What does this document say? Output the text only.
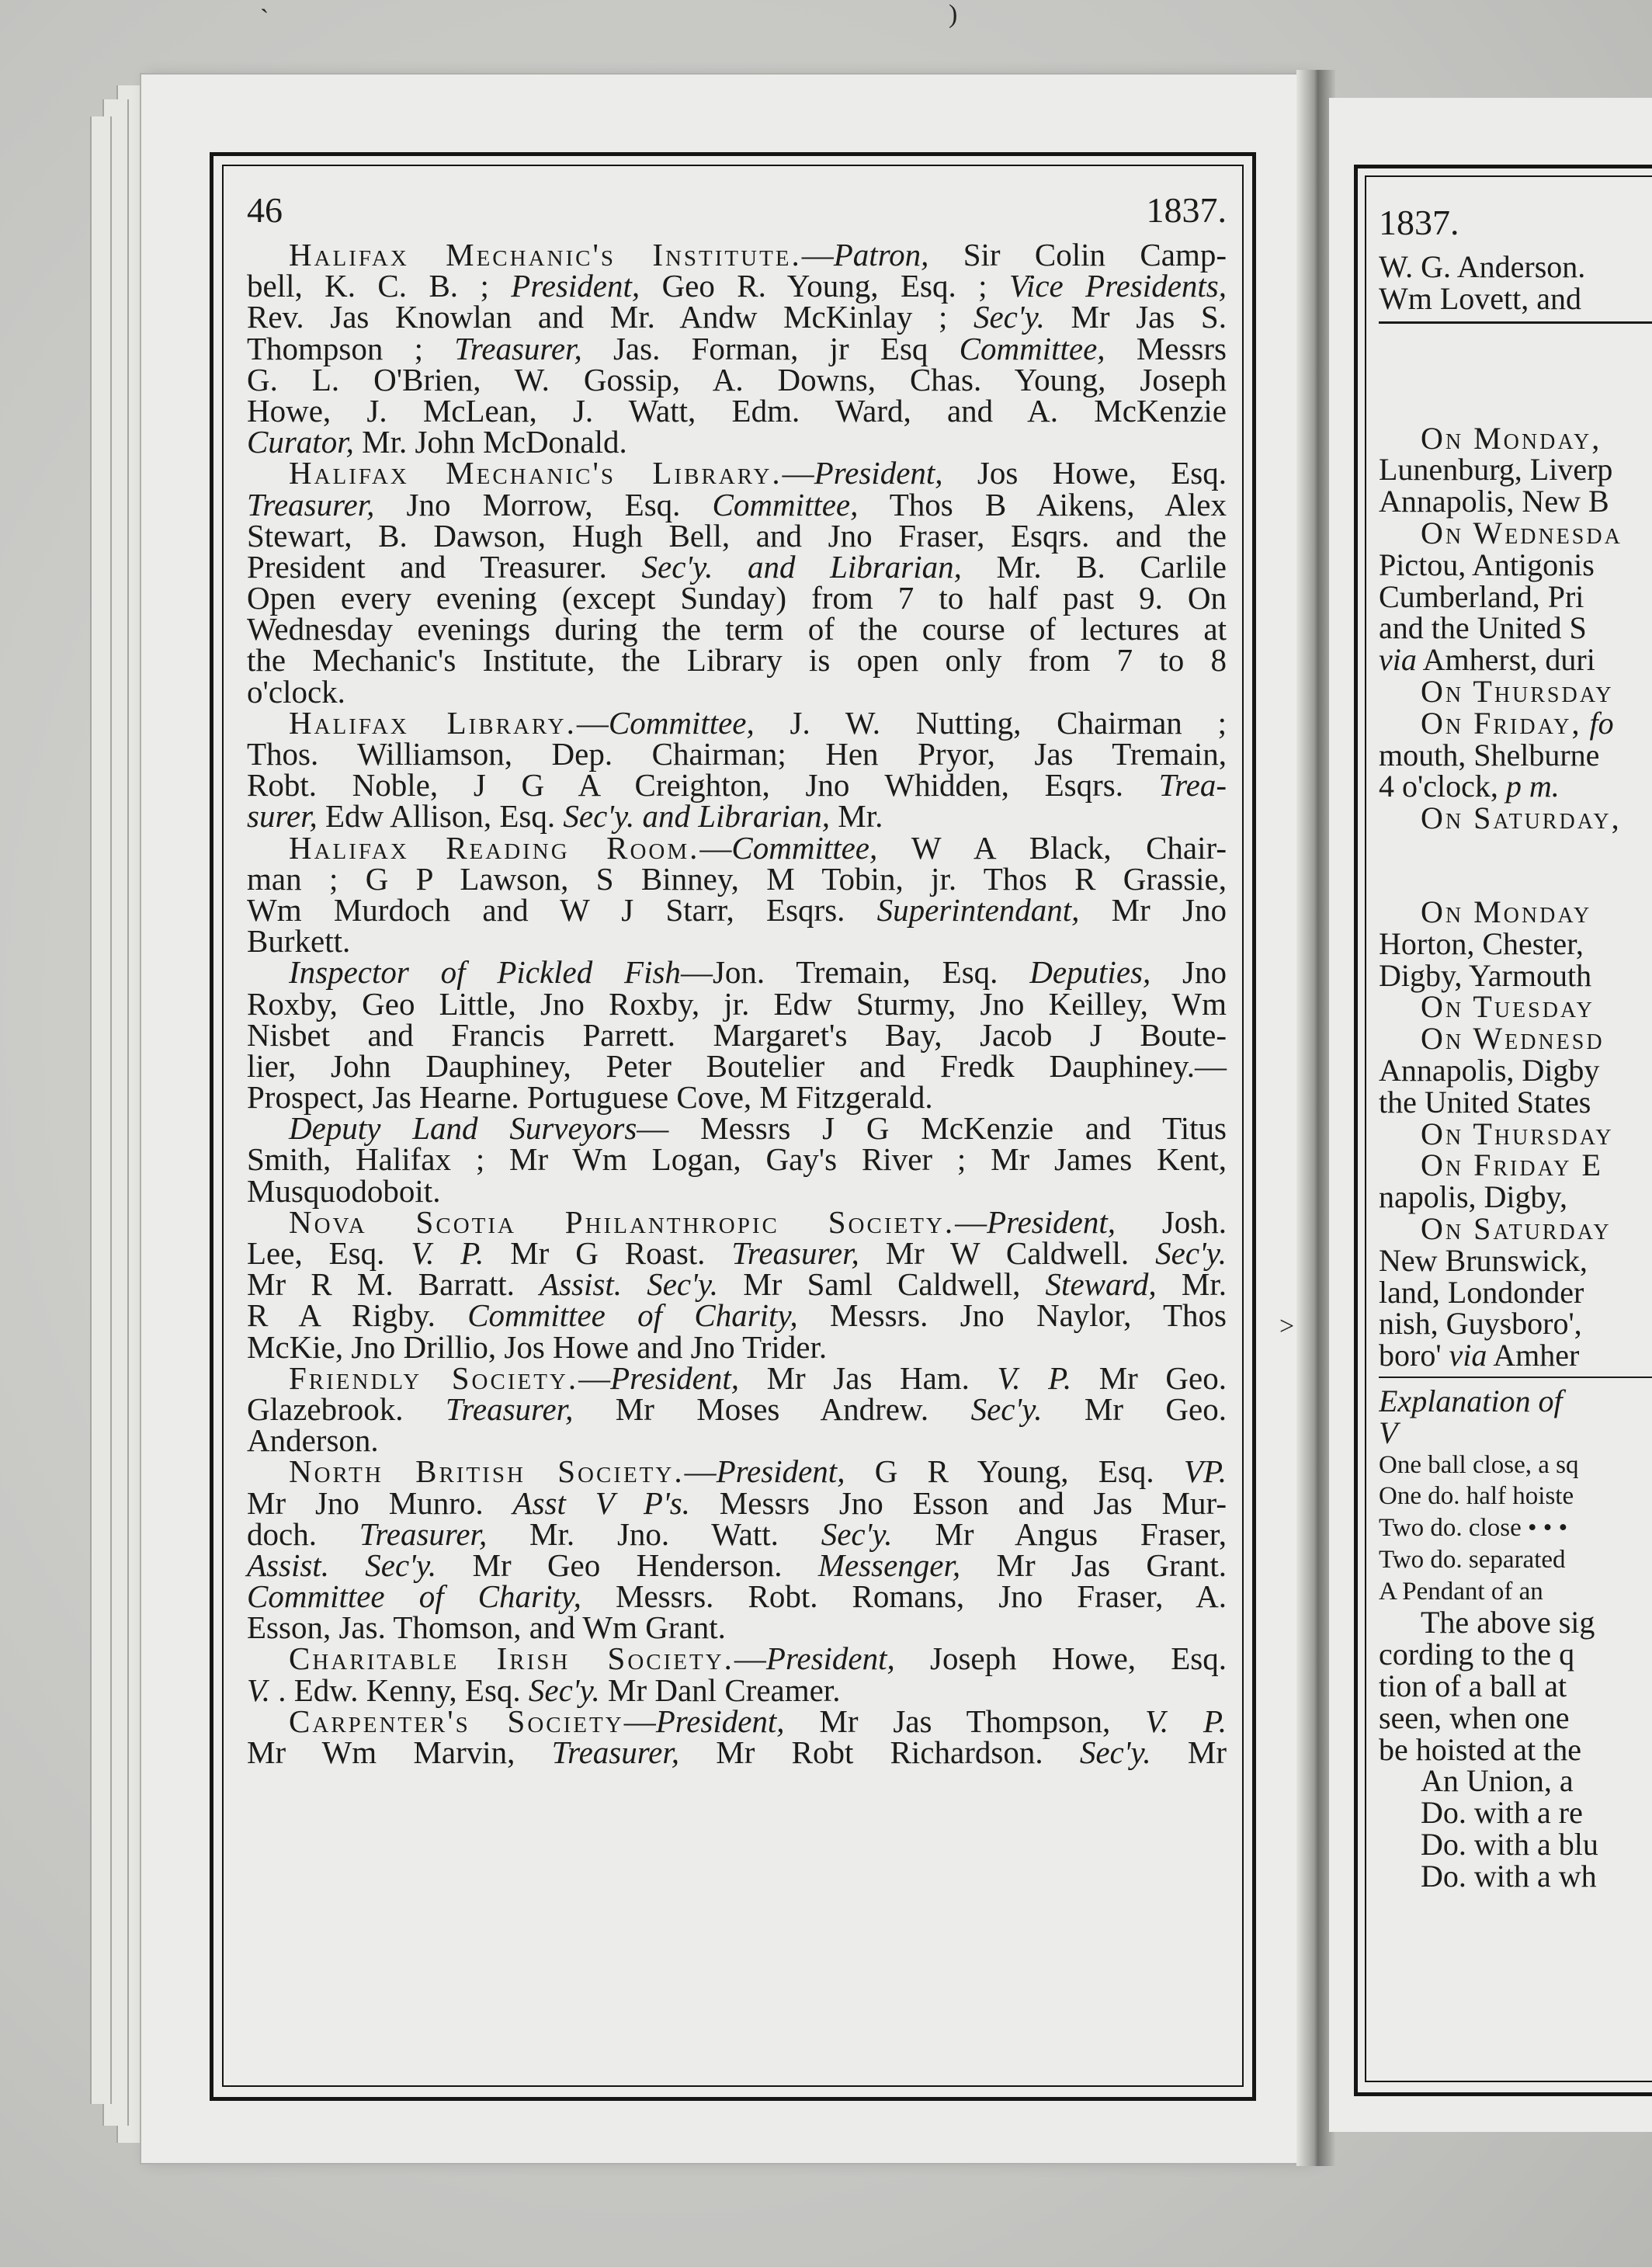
`	)
>
46	1837.
Halifax Mechanic's Institute.—Patron, Sir Colin Camp-
bell, K. C. B. ; President, Geo R. Young, Esq. ; Vice Presidents,
Rev. Jas Knowlan and Mr. Andw McKinlay ; Sec'y. Mr Jas S.
Thompson ; Treasurer, Jas. Forman, jr Esq Committee, Messrs
G. L. O'Brien, W. Gossip, A. Downs, Chas. Young, Joseph
Howe, J. McLean, J. Watt, Edm. Ward, and A. McKenzie
Curator, Mr. John McDonald.
Halifax Mechanic's Library.—President, Jos Howe, Esq.
Treasurer, Jno Morrow, Esq. Committee, Thos B Aikens, Alex
Stewart, B. Dawson, Hugh Bell, and Jno Fraser, Esqrs. and the
President and Treasurer. Sec'y. and Librarian, Mr. B. Carlile
Open every evening (except Sunday) from 7 to half past 9. On
Wednesday evenings during the term of the course of lectures at
the Mechanic's Institute, the Library is open only from 7 to 8
o'clock.
Halifax Library.—Committee, J. W. Nutting, Chairman ;
Thos. Williamson, Dep. Chairman; Hen Pryor, Jas Tremain,
Robt. Noble, J G A Creighton, Jno Whidden, Esqrs. Trea-
surer, Edw Allison, Esq. Sec'y. and Librarian, Mr.
Halifax Reading Room.—Committee, W A Black, Chair-
man ; G P Lawson, S Binney, M Tobin, jr. Thos R Grassie,
Wm Murdoch and W J Starr, Esqrs. Superintendant, Mr Jno
Burkett.
Inspector of Pickled Fish—Jon. Tremain, Esq. Deputies, Jno
Roxby, Geo Little, Jno Roxby, jr. Edw Sturmy, Jno Keilley, Wm
Nisbet and Francis Parrett. Margaret's Bay, Jacob J Boute-
lier, John Dauphiney, Peter Boutelier and Fredk Dauphiney.—
Prospect, Jas Hearne. Portuguese Cove, M Fitzgerald.
Deputy Land Surveyors— Messrs J G McKenzie and Titus
Smith, Halifax ; Mr Wm Logan, Gay's River ; Mr James Kent,
Musquodoboit.
Nova Scotia Philanthropic Society.—President, Josh.
Lee, Esq. V. P. Mr G Roast. Treasurer, Mr W Caldwell. Sec'y.
Mr R M. Barratt. Assist. Sec'y. Mr Saml Caldwell, Steward, Mr.
R A Rigby. Committee of Charity, Messrs. Jno Naylor, Thos
McKie, Jno Drillio, Jos Howe and Jno Trider.
Friendly Society.—President, Mr Jas Ham. V. P. Mr Geo.
Glazebrook. Treasurer, Mr Moses Andrew. Sec'y. Mr Geo.
Anderson.
North British Society.—President, G R Young, Esq. VP.
Mr Jno Munro. Asst V P's. Messrs Jno Esson and Jas Mur-
doch. Treasurer, Mr. Jno. Watt. Sec'y. Mr Angus Fraser,
Assist. Sec'y. Mr Geo Henderson. Messenger, Mr Jas Grant.
Committee of Charity, Messrs. Robt. Romans, Jno Fraser, A.
Esson, Jas. Thomson, and Wm Grant.
Charitable Irish Society.—President, Joseph Howe, Esq.
V. . Edw. Kenny, Esq. Sec'y. Mr Danl Creamer.
Carpenter's Society—President, Mr Jas Thompson, V. P.
Mr Wm Marvin, Treasurer, Mr Robt Richardson. Sec'y. Mr
1837.
W. G. Anderson.
Wm Lovett, and
On Monday,
Lunenburg, Liverp
Annapolis, New B
On Wednesda
Pictou, Antigonis
Cumberland, Pri
and the United S
via Amherst, duri
On Thursday
On Friday, fo
mouth, Shelburne
4 o'clock, p m.
On Saturday,
On Monday
Horton, Chester,
Digby, Yarmouth
On Tuesday
On Wednesd
Annapolis, Digby
the United States
On Thursday
On Friday E
napolis, Digby,
On Saturday
New Brunswick,
land, Londonder
nish, Guysboro',
boro' via Amher
Explanation of
V
One ball close, a sq
One do. half hoiste
Two do. close • • •
Two do. separated
A Pendant of an
The above sig
cording to the q
tion of a ball at
seen, when one
be hoisted at the
An Union, a
Do. with a re
Do. with a blu
Do. with a wh
